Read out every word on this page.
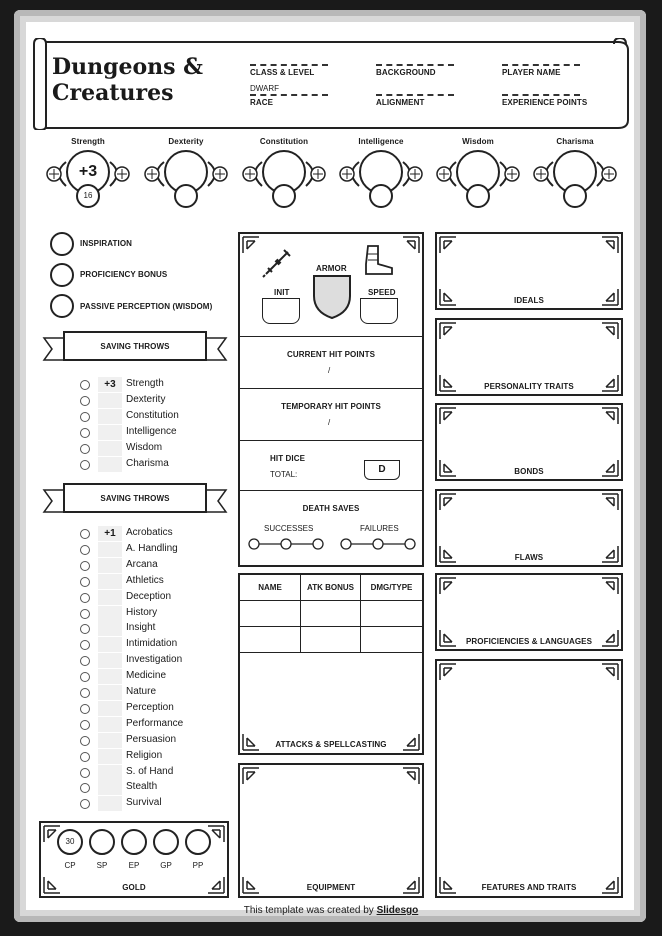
Dungeons &
Creatures
CLASS & LEVEL	BACKGROUND	PLAYER NAME
DWARF
RACE	ALIGNMENT	EXPERIENCE POINTS
Strength
+3
16
Dexterity	Constitution	Intelligence	Wisdom	Charisma
INSPIRATION
PROFICIENCY BONUS
PASSIVE PERCEPTION (WISDOM)
SAVING THROWS
+3	Strength
Dexterity
Constitution
Intelligence
Wisdom
Charisma
SAVING THROWS
+1	Acrobatics
A. Handling
Arcana
Athletics
Deception
History
Insight
Intimidation
Investigation
Medicine
Nature
Perception
Performance
Persuasion
Religion
S. of Hand
Stealth
Survival
30
CP	SP	EP	GP	PP
GOLD
ARMOR
INIT	SPEED
CURRENT HIT POINTS
/
TEMPORARY HIT POINTS
/
HIT DICE
TOTAL:	D
DEATH SAVES
SUCCESSES	FAILURES
NAME	ATK BONUS	DMG/TYPE
ATTACKS & SPELLCASTING
EQUIPMENT
IDEALS
PERSONALITY TRAITS
BONDS
FLAWS
PROFICIENCIES & LANGUAGES
FEATURES AND TRAITS
This template was created by Slidesgo
